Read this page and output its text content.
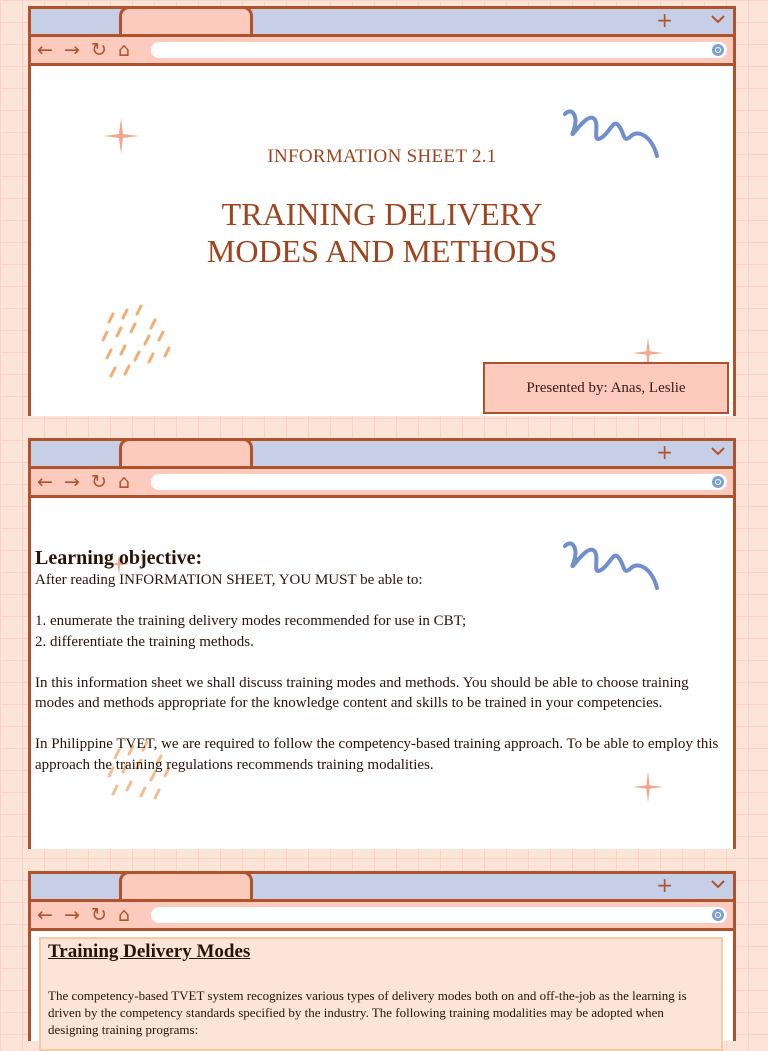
+
← → ↻ ⌂
INFORMATION SHEET 2.1
TRAINING DELIVERY
MODES AND METHODS
Presented by: Anas, Leslie
+
← → ↻ ⌂
Learning objective:

After reading INFORMATION SHEET, YOU MUST be able to:

1. enumerate the training delivery modes recommended for use in CBT;

2. differentiate the training methods.

In this information sheet we shall discuss training modes and methods. You should be able to choose training modes and methods appropriate for the knowledge content and skills to be trained in your competencies.

In Philippine TVET, we are required to follow the competency-based training approach. To be able to employ this approach the training regulations recommends training modalities.

+
← → ↻ ⌂
Training Delivery Modes

The competency-based TVET system recognizes various types of delivery modes both on and off-the-job as the learning is driven by the competency standards specified by the industry. The following training modalities may be adopted when designing training programs:
